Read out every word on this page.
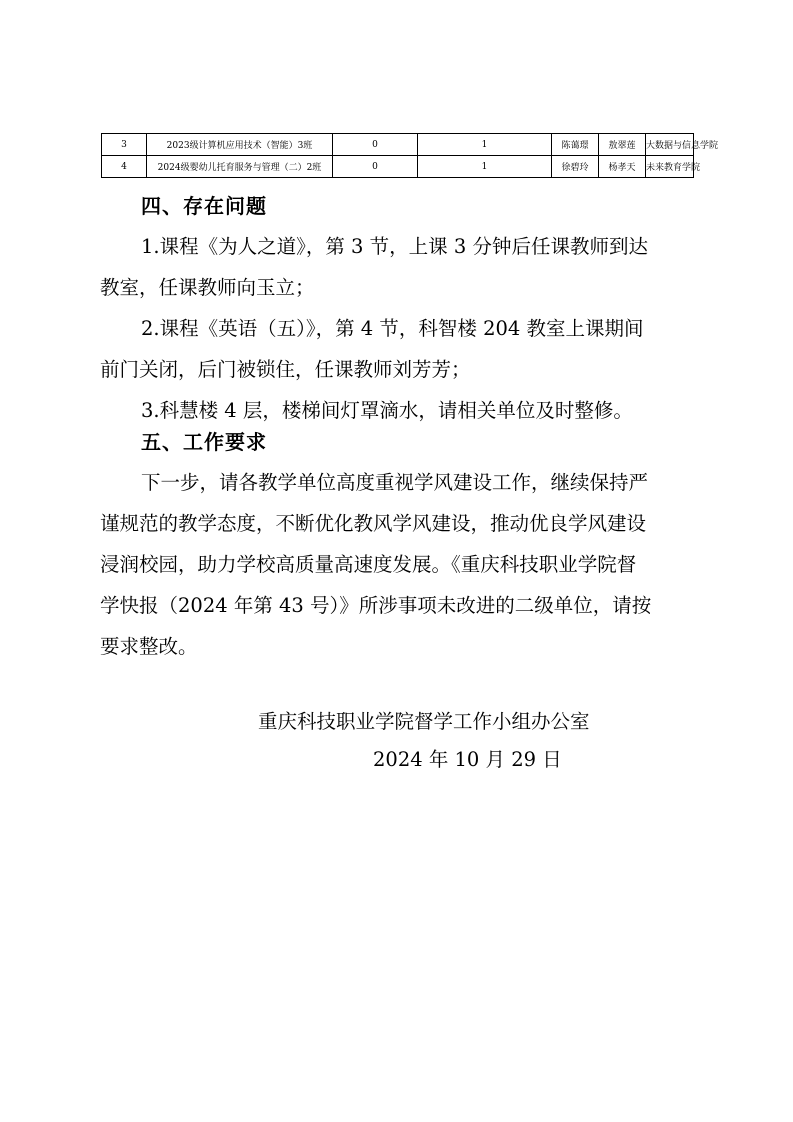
3	2023级计算机应用技术（智能）3班	0	1	陈蔼璟	敖翠莲	大数据与信息学院
4	2024级婴幼儿托育服务与管理（二）2班	0	1	徐碧玲	杨孝天	未来教育学院
四、存在问题
1.课程《为人之道》，第 3 节，上课 3 分钟后任课教师到达
教室，任课教师向玉立；
2.课程《英语（五）》，第 4 节，科智楼 204 教室上课期间
前门关闭，后门被锁住，任课教师刘芳芳；
3.科慧楼 4 层，楼梯间灯罩滴水，请相关单位及时整修。
五、工作要求
下一步，请各教学单位高度重视学风建设工作，继续保持严
谨规范的教学态度，不断优化教风学风建设，推动优良学风建设
浸润校园，助力学校高质量高速度发展。《重庆科技职业学院督
学快报（2024 年第 43 号）》所涉事项未改进的二级单位，请按
要求整改。
重庆科技职业学院督学工作小组办公室
2024 年 10 月 29 日
